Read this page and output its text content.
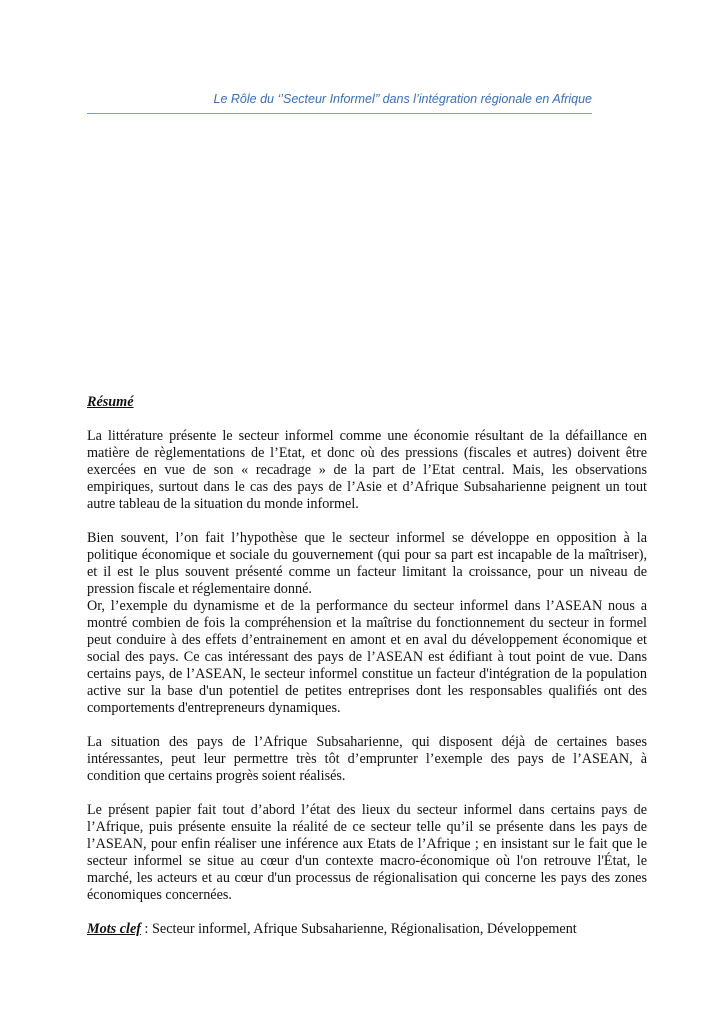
Le Rôle du ‘’Secteur Informel’’ dans l’intégration régionale en Afrique

Résumé

La littérature présente le secteur informel comme une économie résultant de la défaillance en matière de règlementations de l’Etat, et donc où des pressions (fiscales et autres) doivent être exercées en vue de son « recadrage » de la part de l’Etat central. Mais, les observations empiriques, surtout dans le cas des pays de l’Asie et d’Afrique Subsaharienne peignent un tout autre tableau de la situation du monde informel.

Bien souvent, l’on fait l’hypothèse que le secteur informel se développe en opposition à la politique économique et sociale du gouvernement (qui pour sa part est incapable de la maîtriser), et il est le plus souvent présenté comme un facteur limitant la croissance, pour un niveau de pression fiscale et réglementaire donné.

Or, l’exemple du dynamisme et de la performance du secteur informel dans l’ASEAN nous a montré combien de fois la compréhension et la maîtrise du fonctionnement du secteur in formel peut conduire à des effets d’entrainement en amont et en aval du développement économique et social des pays. Ce cas intéressant des pays de l’ASEAN est édifiant à tout point de vue. Dans certains pays, de l’ASEAN, le secteur informel constitue un facteur d'intégration de la population active sur la base d'un potentiel de petites entreprises dont les responsables qualifiés ont des comportements d'entrepreneurs dynamiques.

La situation des pays de l’Afrique Subsaharienne, qui disposent déjà de certaines bases intéressantes, peut leur permettre très tôt d’emprunter l’exemple des pays de l’ASEAN, à condition que certains progrès soient réalisés.

Le présent papier fait tout d’abord l’état des lieux du secteur informel dans certains pays de l’Afrique, puis présente ensuite la réalité de ce secteur telle qu’il se présente dans les pays de l’ASEAN, pour enfin réaliser une inférence aux Etats de l’Afrique ; en insistant sur le fait que le secteur informel se situe au cœur d'un contexte macro-économique où l'on retrouve l'État, le marché, les acteurs et au cœur d'un processus de régionalisation qui concerne les pays des zones économiques concernées.

Mots clef : Secteur informel, Afrique Subsaharienne, Régionalisation, Développement
